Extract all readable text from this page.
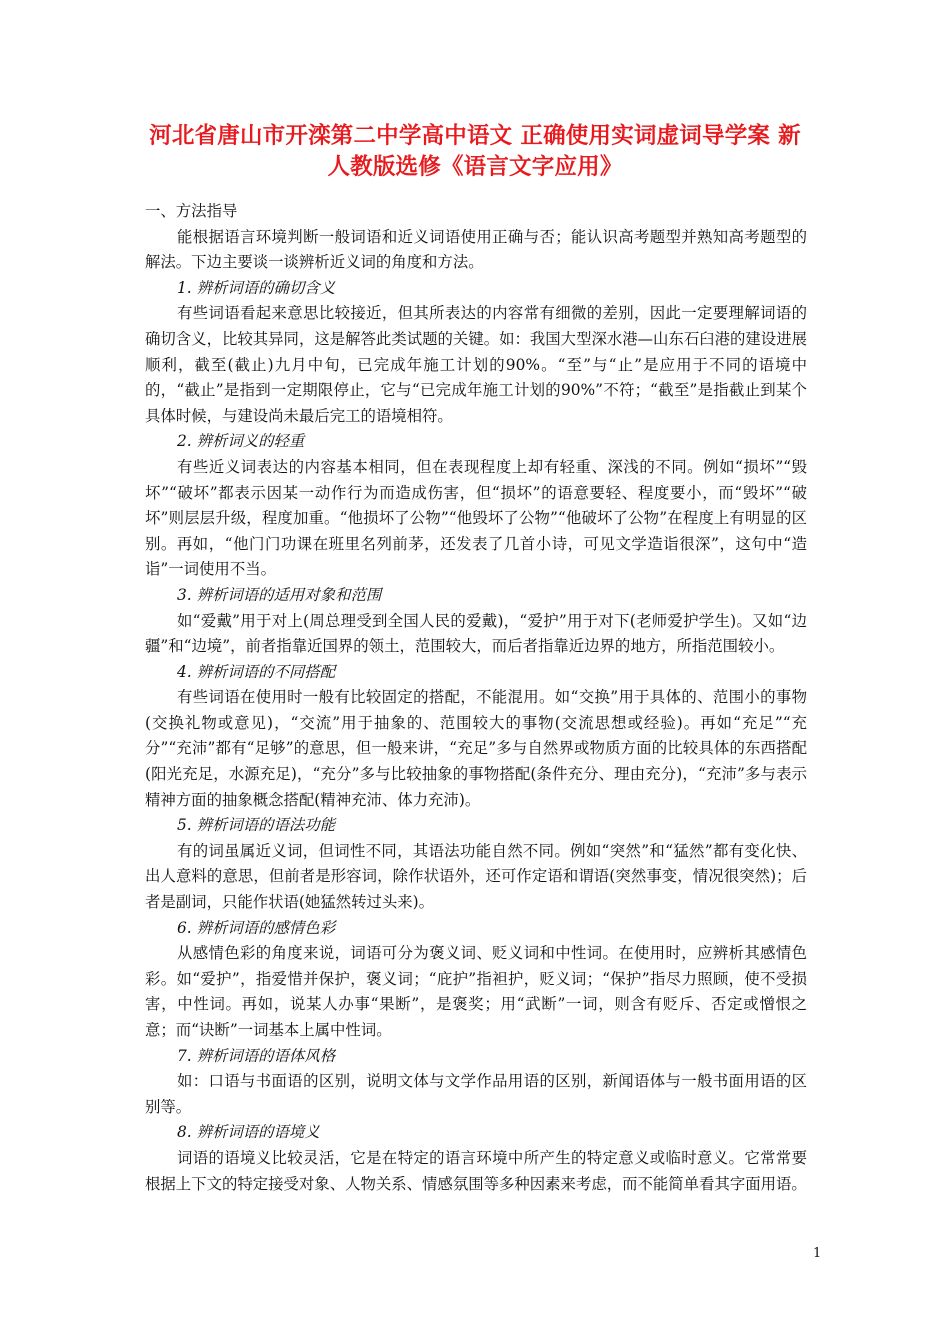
河北省唐山市开滦第二中学高中语文 正确使用实词虚词导学案 新
人教版选修《语言文字应用》

一、方法指导

能根据语言环境判断一般词语和近义词语使用正确与否；能认识高考题型并熟知高考题型的解法。下边主要谈一谈辨析近义词的角度和方法。

1. 辨析词语的确切含义

有些词语看起来意思比较接近，但其所表达的内容常有细微的差别，因此一定要理解词语的确切含义，比较其异同，这是解答此类试题的关键。如：我国大型深水港—山东石臼港的建设进展顺利，截至(截止)九月中旬，已完成年施工计划的90%。“至”与“止”是应用于不同的语境中的，“截止”是指到一定期限停止，它与“已完成年施工计划的90%”不符；“截至”是指截止到某个具体时候，与建设尚未最后完工的语境相符。

2. 辨析词义的轻重

有些近义词表达的内容基本相同，但在表现程度上却有轻重、深浅的不同。例如“损坏”“毁坏”“破坏”都表示因某一动作行为而造成伤害，但“损坏”的语意要轻、程度要小，而“毁坏”“破坏”则层层升级，程度加重。“他损坏了公物”“他毁坏了公物”“他破坏了公物”在程度上有明显的区别。再如，“他门门功课在班里名列前茅，还发表了几首小诗，可见文学造诣很深”，这句中“造诣”一词使用不当。

3. 辨析词语的适用对象和范围

如“爱戴”用于对上(周总理受到全国人民的爱戴)，“爱护”用于对下(老师爱护学生)。又如“边疆”和“边境”，前者指靠近国界的领土，范围较大，而后者指靠近边界的地方，所指范围较小。

4. 辨析词语的不同搭配

有些词语在使用时一般有比较固定的搭配，不能混用。如“交换”用于具体的、范围小的事物(交换礼物或意见)，“交流”用于抽象的、范围较大的事物(交流思想或经验)。再如“充足”“充分”“充沛”都有“足够”的意思，但一般来讲，“充足”多与自然界或物质方面的比较具体的东西搭配(阳光充足，水源充足)，“充分”多与比较抽象的事物搭配(条件充分、理由充分)，“充沛”多与表示精神方面的抽象概念搭配(精神充沛、体力充沛)。

5. 辨析词语的语法功能

有的词虽属近义词，但词性不同，其语法功能自然不同。例如“突然”和“猛然”都有变化快、出人意料的意思，但前者是形容词，除作状语外，还可作定语和谓语(突然事变，情况很突然)；后者是副词，只能作状语(她猛然转过头来)。

6. 辨析词语的感情色彩

从感情色彩的角度来说，词语可分为褒义词、贬义词和中性词。在使用时，应辨析其感情色彩。如“爱护”，指爱惜并保护，褒义词；“庇护”指袒护，贬义词；“保护”指尽力照顾，使不受损害，中性词。再如，说某人办事“果断”，是褒奖；用“武断”一词，则含有贬斥、否定或憎恨之意；而“诀断”一词基本上属中性词。

7. 辨析词语的语体风格

如：口语与书面语的区别，说明文体与文学作品用语的区别，新闻语体与一般书面用语的区别等。

8. 辨析词语的语境义

词语的语境义比较灵活，它是在特定的语言环境中所产生的特定意义或临时意义。它常常要根据上下文的特定接受对象、人物关系、情感氛围等多种因素来考虑，而不能简单看其字面用语。

1
